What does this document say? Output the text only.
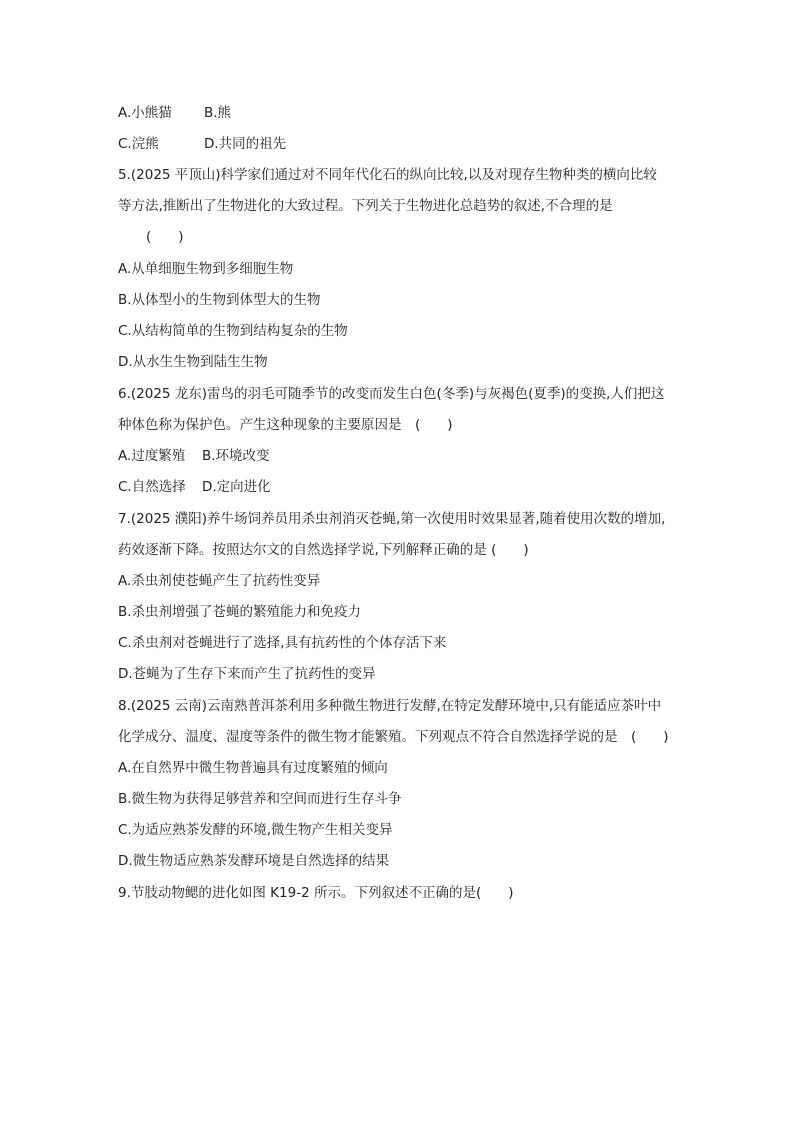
A.小熊猫 B.熊
C.浣熊	D.共同的祖先
5.(2025 平顶山)科学家们通过对不同年代化石的纵向比较,以及对现存生物种类的横向比较
等方法,推断出了生物进化的大致过程。下列关于生物进化总趋势的叙述,不合理的是
(　　)
A.从单细胞生物到多细胞生物
B.从体型小的生物到体型大的生物
C.从结构简单的生物到结构复杂的生物
D.从水生生物到陆生生物
6.(2025 龙东)雷鸟的羽毛可随季节的改变而发生白色(冬季)与灰褐色(夏季)的变换,人们把这
种体色称为保护色。产生这种现象的主要原因是　(　　)
A.过度繁殖 B.环境改变
C.自然选择 D.定向进化
7.(2025 濮阳)养牛场饲养员用杀虫剂消灭苍蝇,第一次使用时效果显著,随着使用次数的增加,
药效逐渐下降。按照达尔文的自然选择学说,下列解释正确的是 (　　)
A.杀虫剂使苍蝇产生了抗药性变异
B.杀虫剂增强了苍蝇的繁殖能力和免疫力
C.杀虫剂对苍蝇进行了选择,具有抗药性的个体存活下来
D.苍蝇为了生存下来而产生了抗药性的变异
8.(2025 云南)云南熟普洱茶利用多种微生物进行发酵,在特定发酵环境中,只有能适应茶叶中
化学成分、温度、湿度等条件的微生物才能繁殖。下列观点不符合自然选择学说的是　(　　)
A.在自然界中微生物普遍具有过度繁殖的倾向
B.微生物为获得足够营养和空间而进行生存斗争
C.为适应熟茶发酵的环境,微生物产生相关变异
D.微生物适应熟茶发酵环境是自然选择的结果
9.节肢动物鳃的进化如图 K19-2 所示。下列叙述不正确的是(　　)
